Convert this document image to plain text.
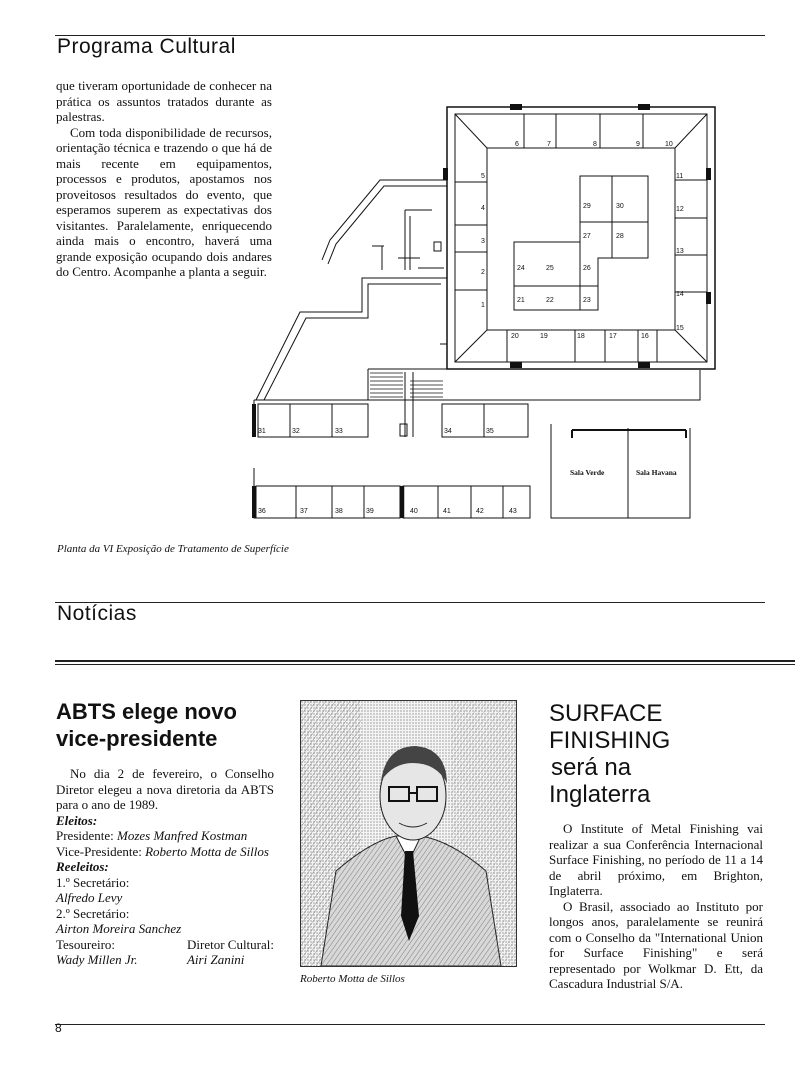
Programa Cultural

que tiveram oportunidade de conhecer na prática os assuntos tratados durante as palestras.

Com toda disponibilidade de recursos, orientação técnica e trazendo o que há de mais recente em equipamentos, processos e produtos, apostamos nos proveitosos resultados do evento, que esperamos superem as expectativas dos visitantes. Paralelamente, enriquecendo ainda mais o encontro, haverá uma grande exposição ocupando dois andares do Centro. Acompanhe a planta a seguir.

1
2
3
4
5
6	7	8	9	10
11
12
13
14
15
16
17
18
19
20
21	22	23
24	25	26
27	28
29	30
31	32	33	34	35
36	37	38	39	40	41	42	43
Sala Verde	Sala Havana
Planta da VI Exposição de Tratamento de Superfície
Notícias
ABTS elege novo
vice-presidente

No dia 2 de fevereiro, o Conselho Diretor elegeu a nova diretoria da ABTS para o ano de 1989.

Eleitos:

Presidente: Mozes Manfred Kostman

Vice-Presidente: Roberto Motta de Sillos

Reeleitos:

1.º Secretário:

Alfredo Levy

2.º Secretário:

Airton Moreira Sanchez

Tesoureiro:
Wady Millen Jr.
Diretor Cultural:
Airi Zanini
Roberto Motta de Sillos
SURFACE
FINISHING
será na
Inglaterra

O Institute of Metal Finishing vai realizar a sua Conferência Internacional Surface Finishing, no período de 11 a 14 de abril próximo, em Brighton, Inglaterra.

O Brasil, associado ao Instituto por longos anos, paralelamente se reunirá com o Conselho da "International Union for Surface Finishing" e será representado por Wolkmar D. Ett, da Cascadura Industrial S/A.

8
